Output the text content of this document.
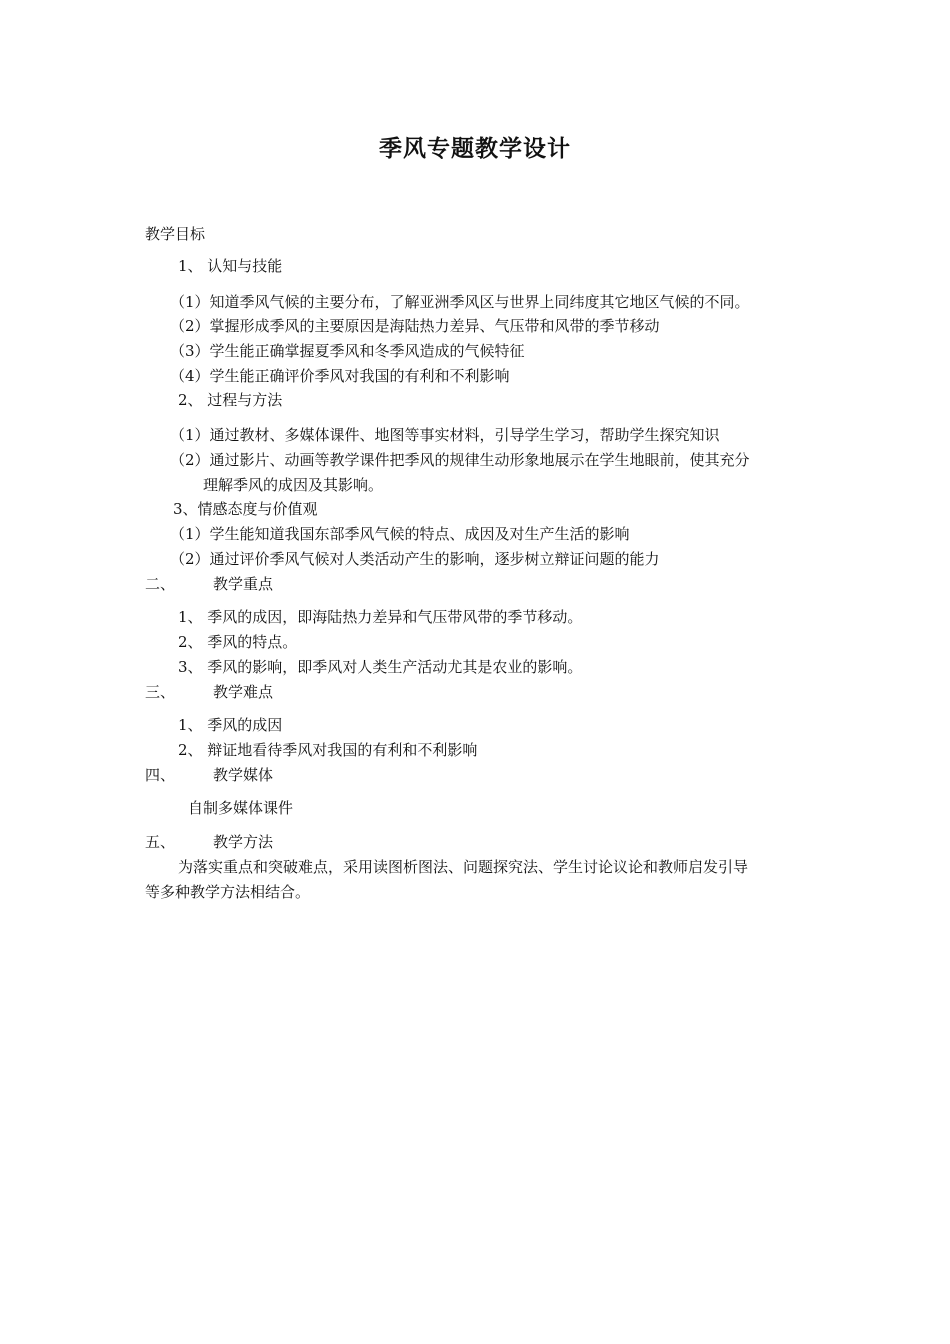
季风专题教学设计
教学目标
1、 认知与技能
（1）知道季风气候的主要分布，了解亚洲季风区与世界上同纬度其它地区气候的不同。
（2）掌握形成季风的主要原因是海陆热力差异、气压带和风带的季节移动
（3）学生能正确掌握夏季风和冬季风造成的气候特征
（4）学生能正确评价季风对我国的有利和不利影响
2、 过程与方法
（1）通过教材、多媒体课件、地图等事实材料，引导学生学习，帮助学生探究知识
（2）通过影片、动画等教学课件把季风的规律生动形象地展示在学生地眼前，使其充分
理解季风的成因及其影响。
3、情感态度与价值观
（1）学生能知道我国东部季风气候的特点、成因及对生产生活的影响
（2）通过评价季风气候对人类活动产生的影响，逐步树立辩证问题的能力
二、	教学重点
1、 季风的成因，即海陆热力差异和气压带风带的季节移动。
2、 季风的特点。
3、 季风的影响，即季风对人类生产活动尤其是农业的影响。
三、	教学难点
1、 季风的成因
2、 辩证地看待季风对我国的有利和不利影响
四、	教学媒体
自制多媒体课件
五、	教学方法
为落实重点和突破难点，采用读图析图法、问题探究法、学生讨论议论和教师启发引导
等多种教学方法相结合。
